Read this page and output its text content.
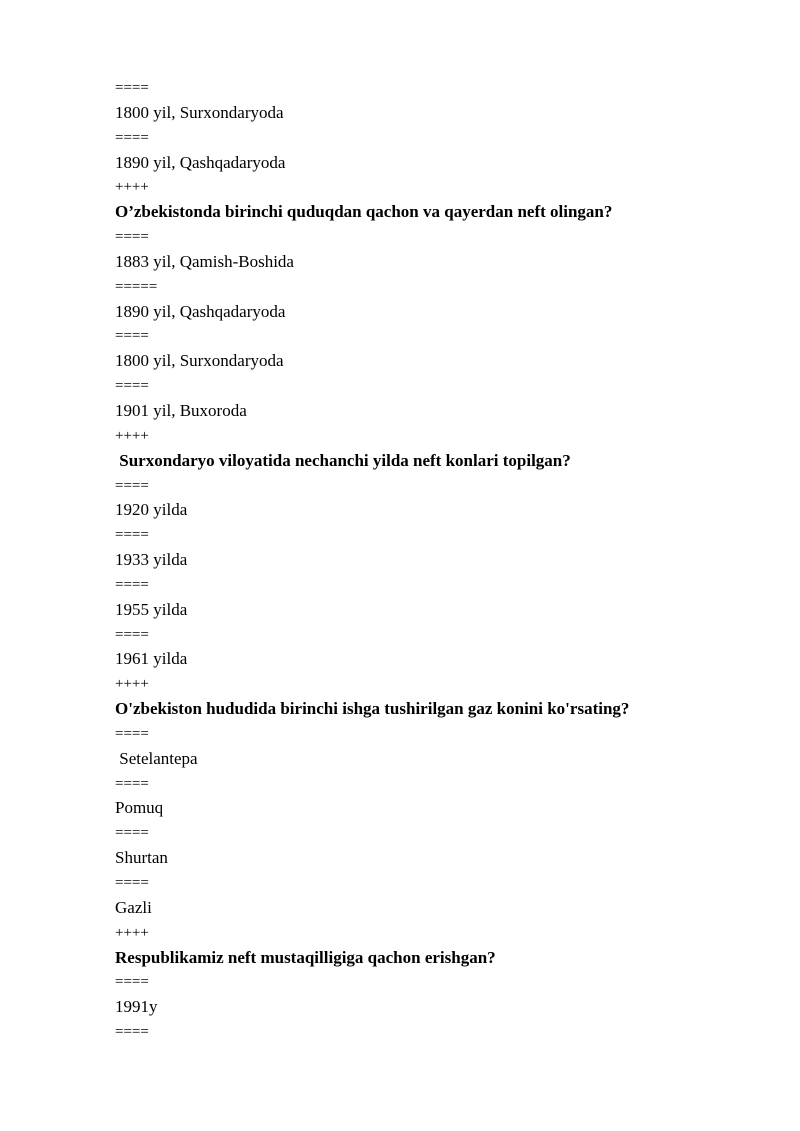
====
1800 yil, Surxondaryoda
====
1890 yil, Qashqadaryoda
++++
O’zbekistonda birinchi quduqdan qachon va qayerdan neft olingan?
====
1883 yil, Qamish-Boshida
=====
1890 yil, Qashqadaryoda
====
1800 yil, Surxondaryoda
====
1901 yil, Buxoroda
++++
Surxondaryo viloyatida nechanchi yilda neft konlari topilgan?
====
1920 yilda
====
1933 yilda
====
1955 yilda
====
1961 yilda
++++
O'zbekiston hududida birinchi ishga tushirilgan gaz konini ko'rsating?
====
Setelantepa
====
Pomuq
====
Shurtan
====
Gazli
++++
Respublikamiz neft mustaqilligiga qachon erishgan?
====
1991y
====
